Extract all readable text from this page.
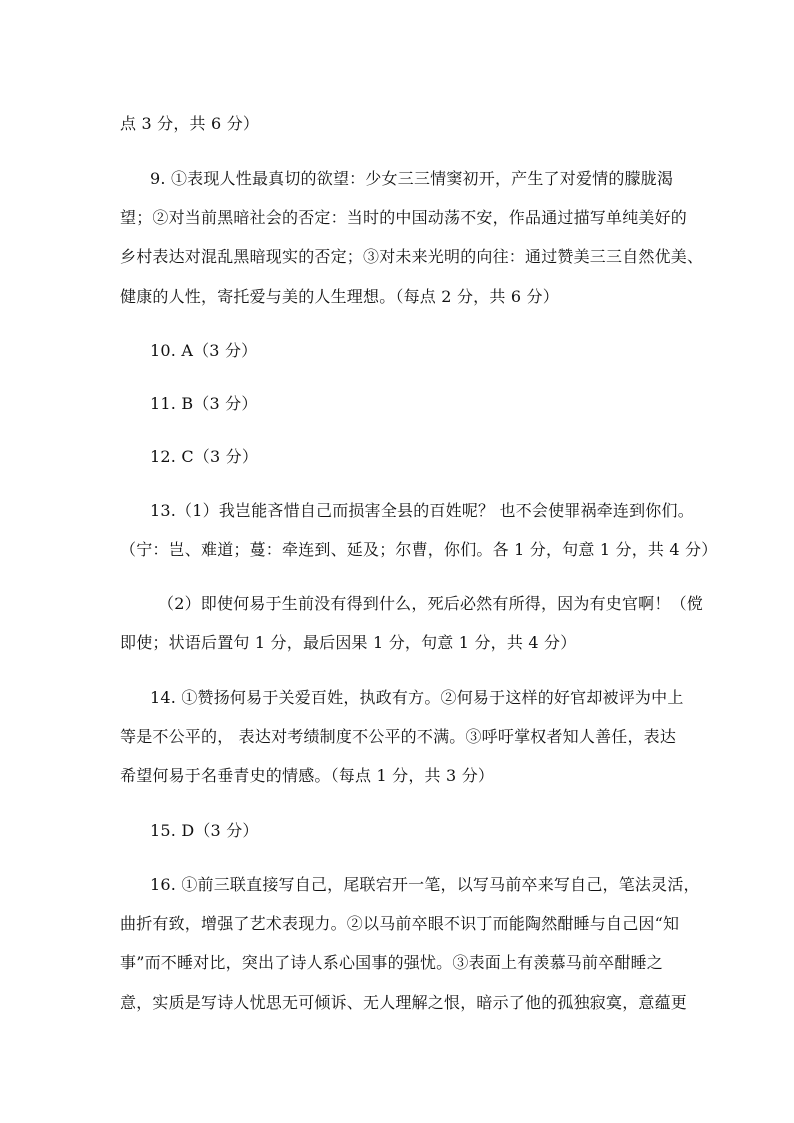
点 3 分，共 6 分）
9. ①表现人性最真切的欲望：少女三三情窦初开，产生了对爱情的朦胧渴
望；②对当前黑暗社会的否定：当时的中国动荡不安，作品通过描写单纯美好的
乡村表达对混乱黑暗现实的否定；③对未来光明的向往：通过赞美三三自然优美、
健康的人性，寄托爱与美的人生理想。（每点 2 分，共 6 分）
10. A（3 分）
11. B（3 分）
12. C（3 分）
13.（1）我岂能吝惜自己而损害全县的百姓呢？ 也不会使罪祸牵连到你们。
（宁：岂、难道；蔓：牵连到、延及；尔曹，你们。各 1 分，句意 1 分，共 4 分）
（2）即使何易于生前没有得到什么，死后必然有所得，因为有史官啊！（傥
即使；状语后置句 1 分，最后因果 1 分，句意 1 分，共 4 分）
14. ①赞扬何易于关爱百姓，执政有方。②何易于这样的好官却被评为中上
等是不公平的， 表达对考绩制度不公平的不满。③呼吁掌权者知人善任，表达
希望何易于名垂青史的情感。（每点 1 分，共 3 分）
15. D（3 分）
16. ①前三联直接写自己，尾联宕开一笔，以写马前卒来写自己，笔法灵活，
曲折有致，增强了艺术表现力。②以马前卒眼不识丁而能陶然酣睡与自己因“知
事”而不睡对比，突出了诗人系心国事的强忧。③表面上有羡慕马前卒酣睡之
意，实质是写诗人忧思无可倾诉、无人理解之恨，暗示了他的孤独寂寞，意蕴更
